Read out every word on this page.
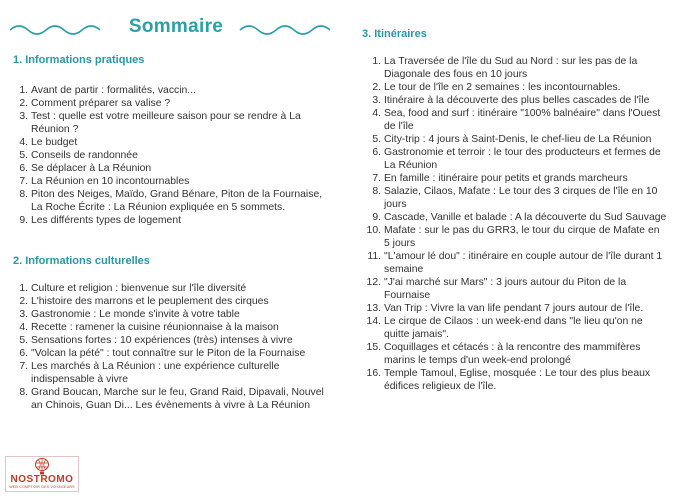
Sommaire
1. Informations pratiques
1. Avant de partir : formalités, vaccin...
2. Comment préparer sa valise ?
3. Test : quelle est votre meilleure saison pour se rendre à La Réunion ?
4. Le budget
5. Conseils de randonnée
6. Se déplacer à La Réunion
7. La Réunion en 10 incontournables
8. Piton des Neiges, Maïdo, Grand Bénare, Piton de la Fournaise, La Roche Écrite : La Réunion expliquée en 5 sommets.
9. Les différents types de logement
2. Informations culturelles
1. Culture et religion : bienvenue sur l'île diversité
2. L'histoire des marrons et le peuplement des cirques
3. Gastronomie : Le monde s'invite à votre table
4. Recette : ramener la cuisine réunionnaise à la maison
5. Sensations fortes : 10 expériences (très) intenses à vivre
6. "Volcan la pété" : tout connaître sur le Piton de la Fournaise
7. Les marchés à La Réunion : une expérience culturelle indispensable à vivre
8. Grand Boucan, Marche sur le feu, Grand Raid, Dipavali, Nouvel an Chinois, Guan Di... Les évènements à vivre à La Réunion
3. Itinéraires
1. La Traversée de l'île du Sud au Nord : sur les pas de la Diagonale des fous en 10 jours
2. Le tour de l'île en 2 semaines : les incontournables.
3. Itinéraire à la découverte des plus belles cascades de l'île
4. Sea, food and surf : itinéraire "100% balnéaire" dans l'Ouest de l'île
5. City-trip : 4 jours à Saint-Denis, le chef-lieu de La Réunion
6. Gastronomie et terroir : le tour des producteurs et fermes de La Réunion
7. En famille : itinéraire pour petits et grands marcheurs
8. Salazie, Cilaos, Mafate : Le tour des 3 cirques de l'île en 10 jours
9. Cascade, Vanille et balade : A la découverte du Sud Sauvage
10. Mafate : sur le pas du GRR3, le tour du cirque de Mafate en 5 jours
11. "L'amour lé dou" : itinéraire en couple autour de l'île durant 1 semaine
12. "J'ai marché sur Mars" : 3 jours autour du Piton de la Fournaise
13. Van Trip : Vivre la van life pendant 7 jours autour de l'île.
14. Le cirque de Cilaos : un week-end dans "le lieu qu'on ne quitte jamais".
15. Coquillages et cétacés : à la rencontre des mammifères marins le temps d'un week-end prolongé
16. Temple Tamoul, Eglise, mosquée : Le tour des plus beaux édifices religieux de l'île.
NOSTROMO
WEB COMPTOIR DES VOYAGEURS
